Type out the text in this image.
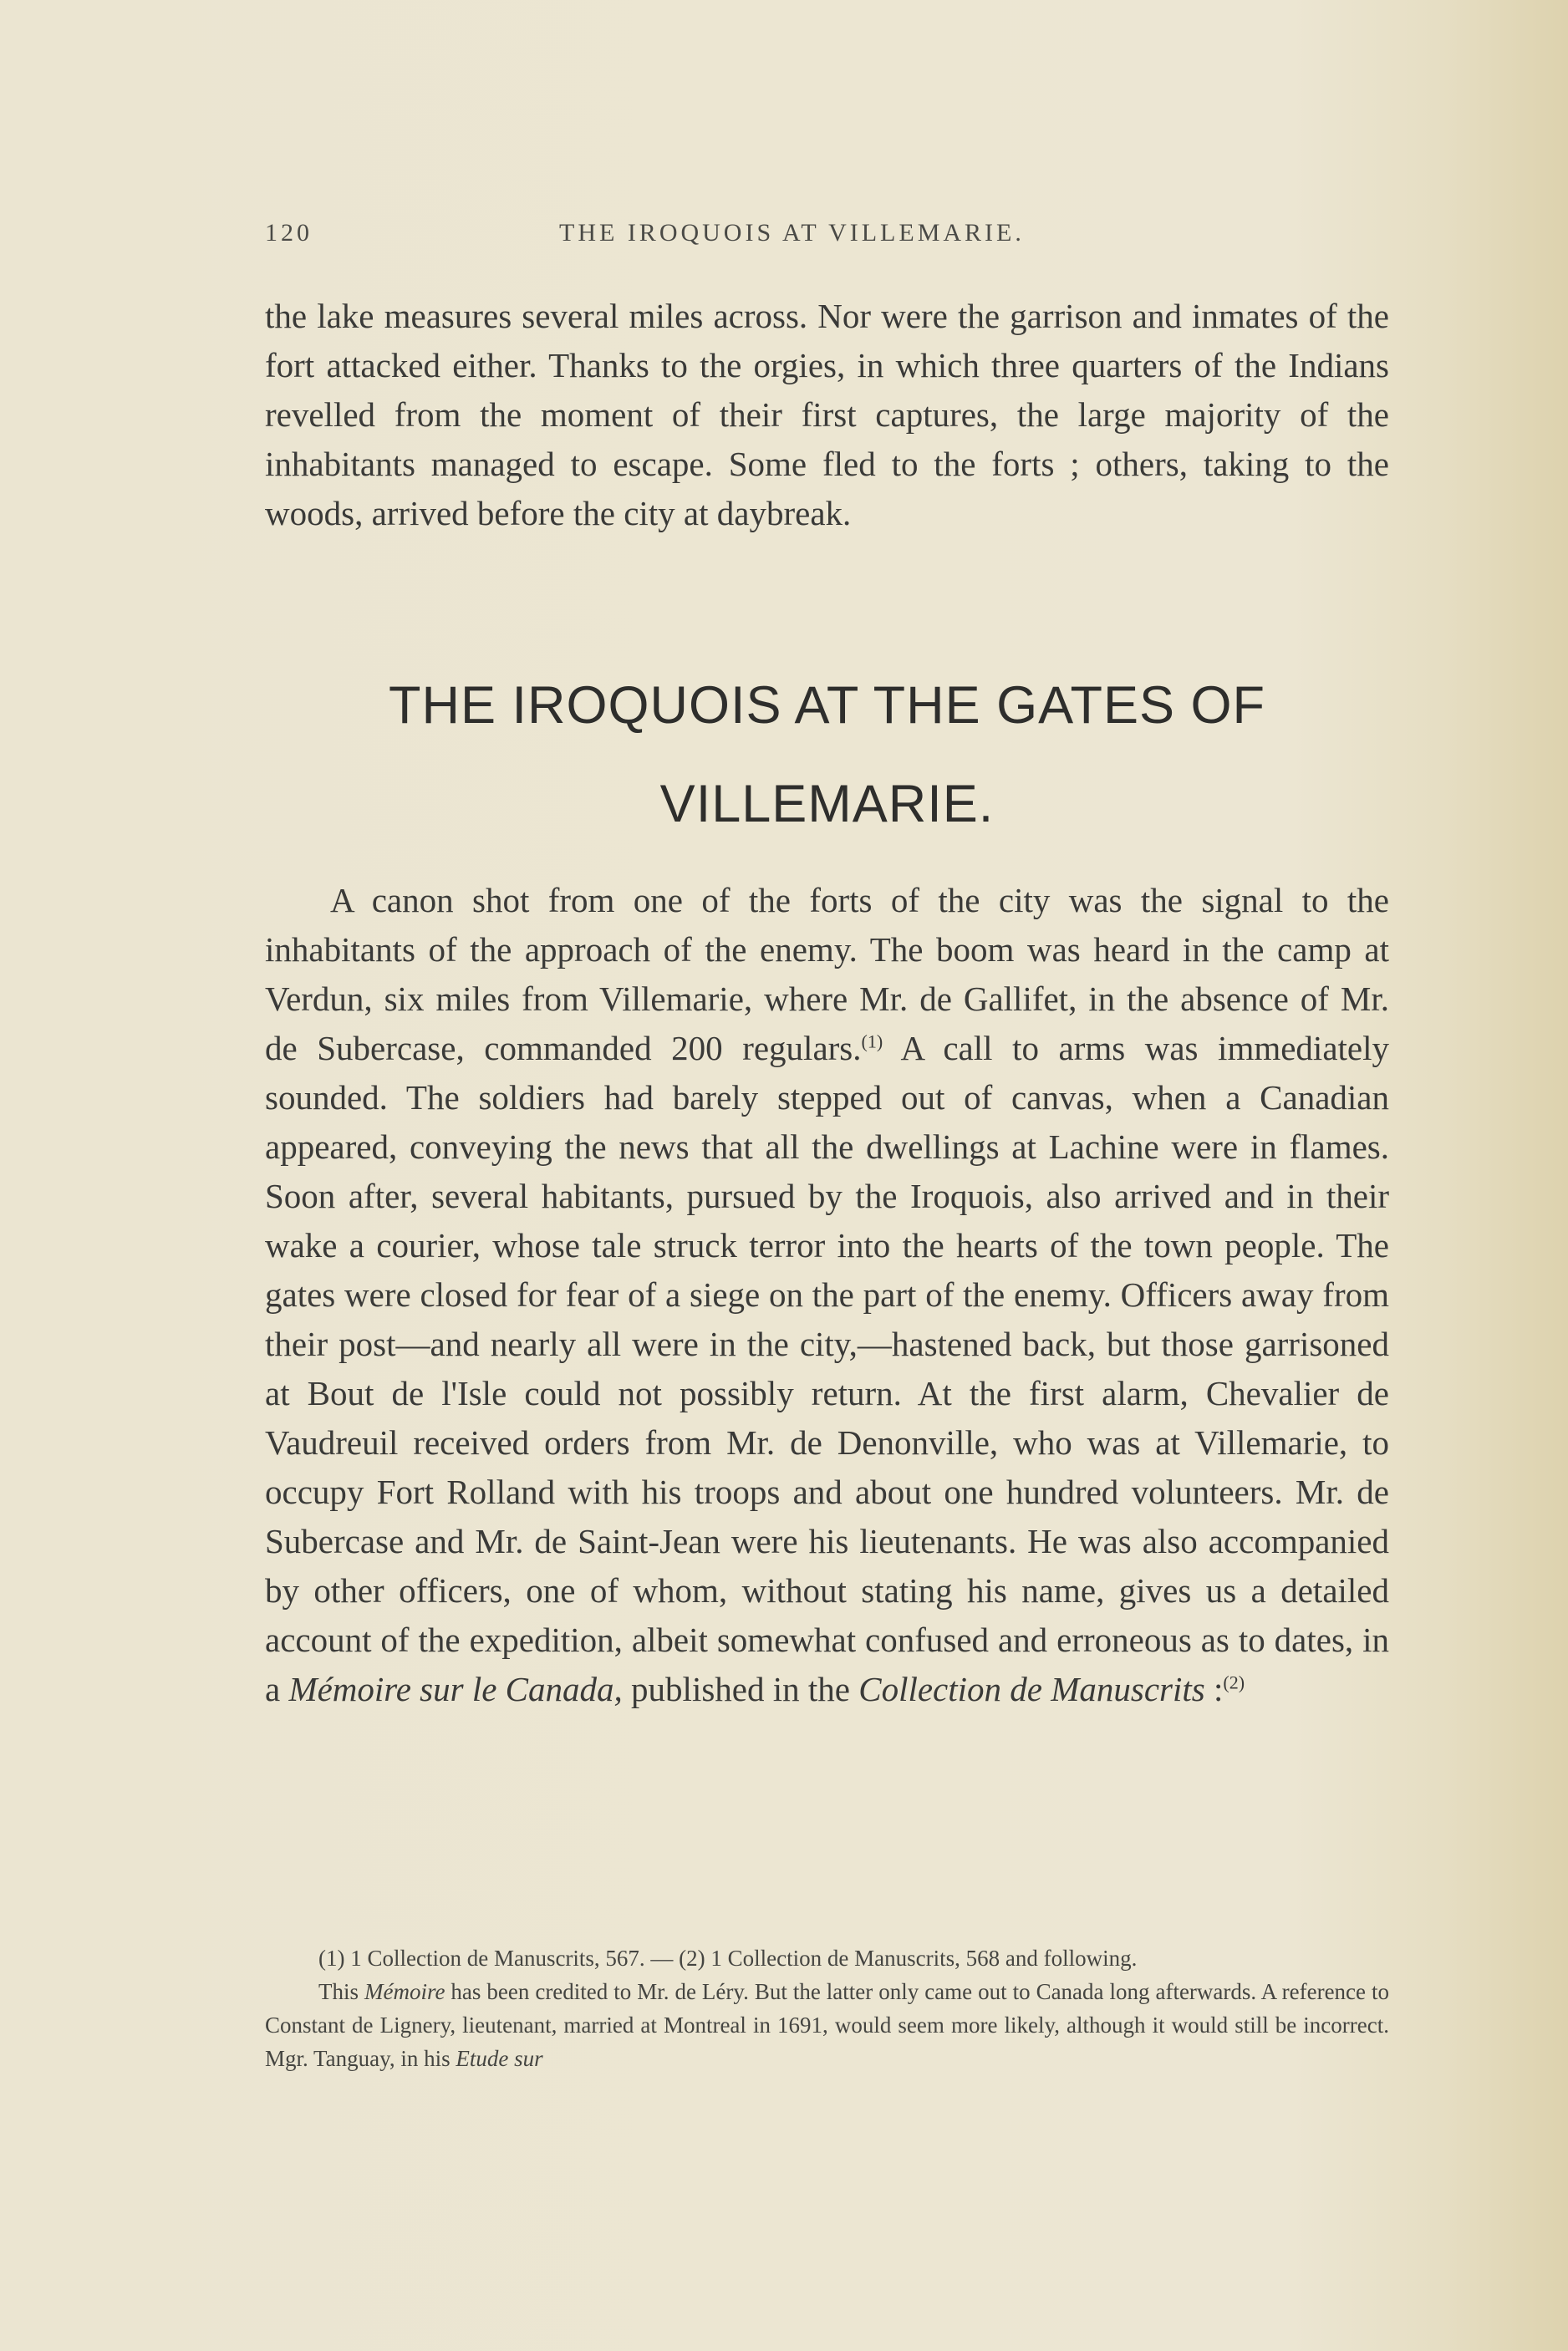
120	THE IROQUOIS AT VILLEMARIE.

the lake measures several miles across. Nor were the garrison and inmates of the fort attacked either. Thanks to the orgies, in which three quarters of the Indians revelled from the moment of their first captures, the large majority of the inhabitants managed to escape. Some fled to the forts ; others, taking to the woods, arrived before the city at daybreak.

THE IROQUOIS AT THE GATES OF
VILLEMARIE.

A canon shot from one of the forts of the city was the signal to the inhabitants of the approach of the enemy. The boom was heard in the camp at Verdun, six miles from Villemarie, where Mr. de Gallifet, in the absence of Mr. de Subercase, commanded 200 regulars.$^{(1)}$ A call to arms was immediately sounded. The soldiers had barely stepped out of canvas, when a Canadian appeared, conveying the news that all the dwellings at Lachine were in flames. Soon after, several habitants, pursued by the Iroquois, also arrived and in their wake a courier, whose tale struck terror into the hearts of the town people. The gates were closed for fear of a siege on the part of the enemy. Officers away from their post—and nearly all were in the city,—hastened back, but those garrisoned at Bout de l'Isle could not possibly return. At the first alarm, Chevalier de Vaudreuil received orders from Mr. de Denonville, who was at Villemarie, to occupy Fort Rolland with his troops and about one hundred volunteers. Mr. de Subercase and Mr. de Saint-Jean were his lieutenants. He was also accompanied by other officers, one of whom, without stating his name, gives us a detailed account of the expedition, albeit somewhat confused and erroneous as to dates, in a Mémoire sur le Canada, published in the Collection de Manuscrits :$^{(2)}$

(1) 1 Collection de Manuscrits, 567. — (2) 1 Collection de Manuscrits, 568 and following.
This Mémoire has been credited to Mr. de Léry. But the latter only came out to Canada long afterwards. A reference to Constant de Lignery, lieutenant, married at Montreal in 1691, would seem more likely, although it would still be incorrect. Mgr. Tanguay, in his Etude sur
